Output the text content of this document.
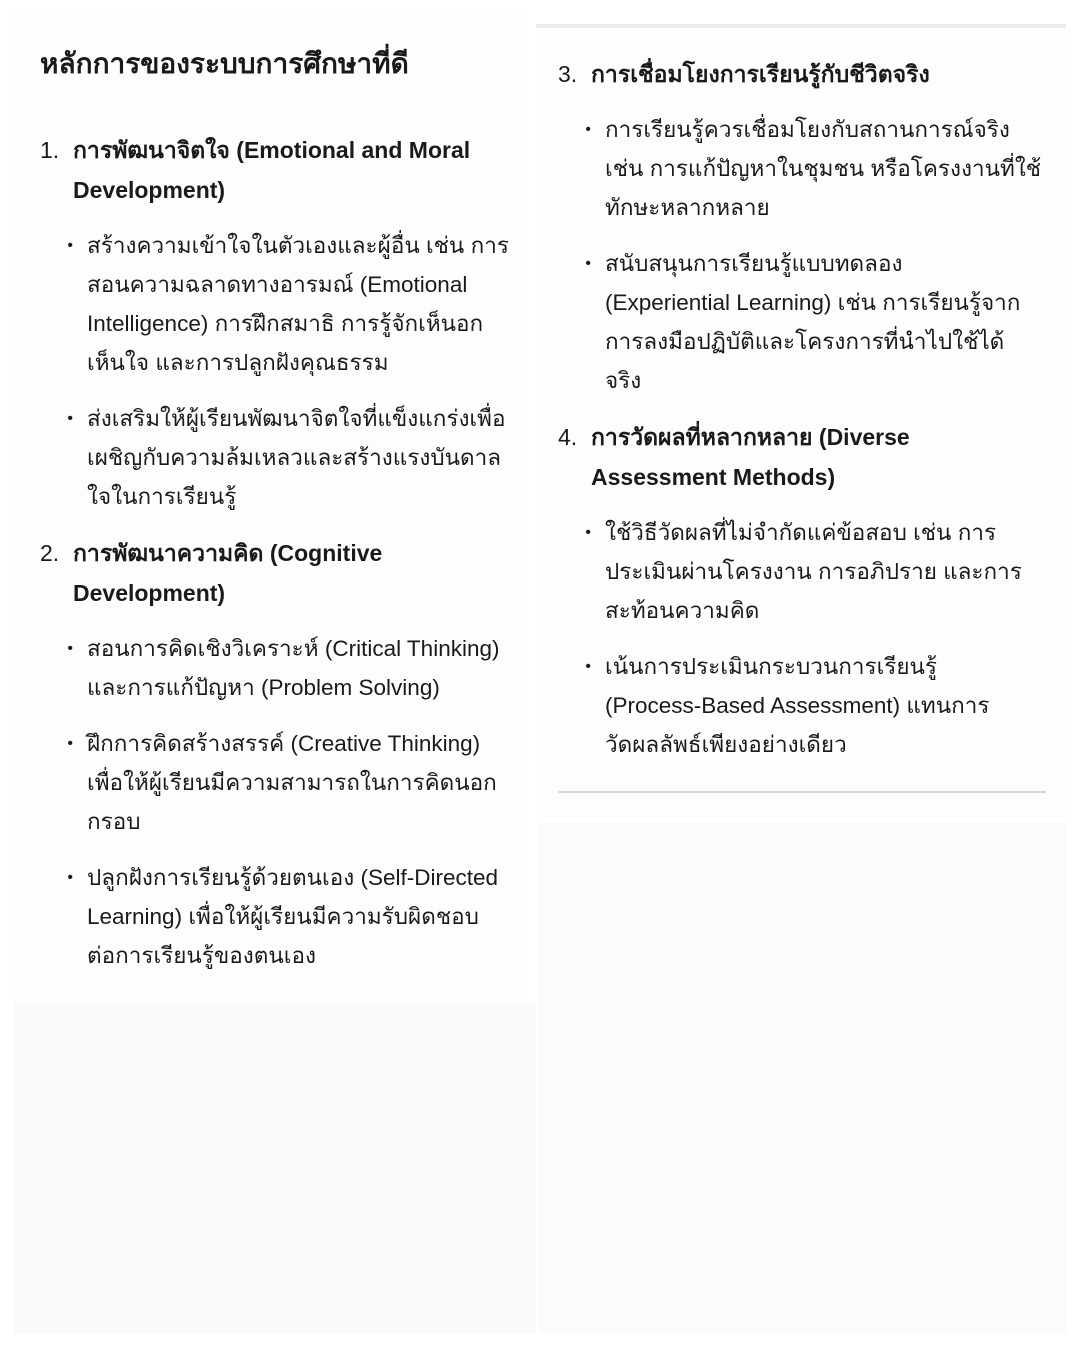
หลักการของระบบการศึกษาที่ดี
1. การพัฒนาจิตใจ (Emotional and Moral
Development)
• สร้างความเข้าใจในตัวเองและผู้อื่น เช่น การ
สอนความฉลาดทางอารมณ์ (Emotional
Intelligence) การฝึกสมาธิ การรู้จักเห็นอก
เห็นใจ และการปลูกฝังคุณธรรม
• ส่งเสริมให้ผู้เรียนพัฒนาจิตใจที่แข็งแกร่งเพื่อ
เผชิญกับความล้มเหลวและสร้างแรงบันดาล
ใจในการเรียนรู้
2. การพัฒนาความคิด (Cognitive
Development)
• สอนการคิดเชิงวิเคราะห์ (Critical Thinking)
และการแก้ปัญหา (Problem Solving)
• ฝึกการคิดสร้างสรรค์ (Creative Thinking)
เพื่อให้ผู้เรียนมีความสามารถในการคิดนอก
กรอบ
• ปลูกฝังการเรียนรู้ด้วยตนเอง (Self-Directed
Learning) เพื่อให้ผู้เรียนมีความรับผิดชอบ
ต่อการเรียนรู้ของตนเอง
3. การเชื่อมโยงการเรียนรู้กับชีวิตจริง
• การเรียนรู้ควรเชื่อมโยงกับสถานการณ์จริง
เช่น การแก้ปัญหาในชุมชน หรือโครงงานที่ใช้
ทักษะหลากหลาย
• สนับสนุนการเรียนรู้แบบทดลอง
(Experiential Learning) เช่น การเรียนรู้จาก
การลงมือปฏิบัติและโครงการที่นำไปใช้ได้
จริง
4. การวัดผลที่หลากหลาย (Diverse
Assessment Methods)
• ใช้วิธีวัดผลที่ไม่จำกัดแค่ข้อสอบ เช่น การ
ประเมินผ่านโครงงาน การอภิปราย และการ
สะท้อนความคิด
• เน้นการประเมินกระบวนการเรียนรู้
(Process-Based Assessment) แทนการ
วัดผลลัพธ์เพียงอย่างเดียว
